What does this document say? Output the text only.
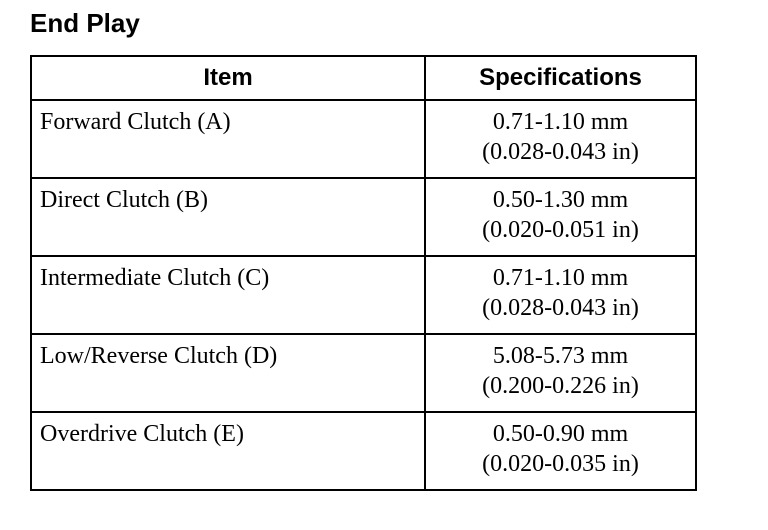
End Play
Item	Specifications
Forward Clutch (A)	0.71-1.10 mm
(0.028-0.043 in)

Direct Clutch (B)	0.50-1.30 mm
(0.020-0.051 in)

Intermediate Clutch (C)	0.71-1.10 mm
(0.028-0.043 in)

Low/Reverse Clutch (D)	5.08-5.73 mm
(0.200-0.226 in)

Overdrive Clutch (E)	0.50-0.90 mm
(0.020-0.035 in)
